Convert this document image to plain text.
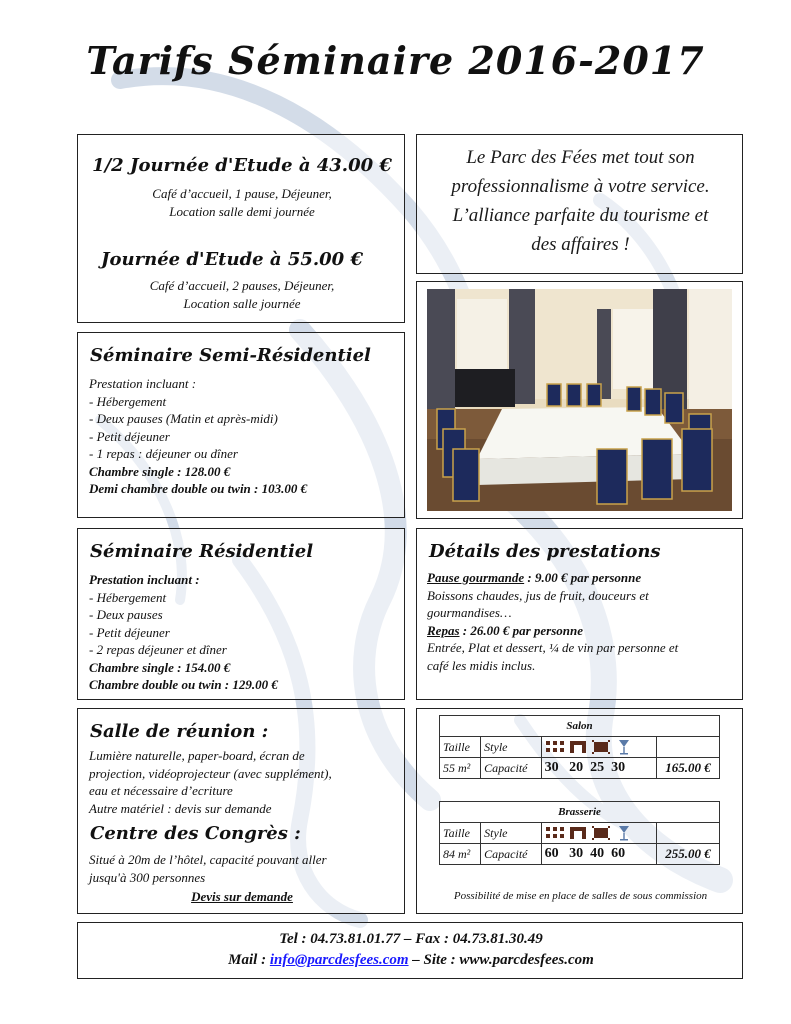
Tarifs Séminaire 2016-2017
1/2 Journée d'Etude à 43.00 €
Café d’accueil, 1 pause, Déjeuner,
Location salle demi journée
Journée d'Etude à 55.00 €
Café d’accueil, 2 pauses, Déjeuner,
Location salle journée
Le Parc des Fées met tout son
professionnalisme à votre service.
L’alliance parfaite du tourisme et
des affaires !
Séminaire Semi-Résidentiel
Prestation incluant :
- Hébergement
- Deux pauses (Matin et après-midi)
- Petit déjeuner
- 1 repas : déjeuner ou dîner
Chambre single : 128.00 €
Demi chambre double ou twin : 103.00 €
Séminaire Résidentiel
Prestation incluant :
- Hébergement
- Deux pauses
- Petit déjeuner
- 2 repas déjeuner et dîner
Chambre single : 154.00 €
Chambre double ou twin : 129.00 €
Détails des prestations
Pause gourmande : 9.00 € par personne
Boissons chaudes, jus de fruit, douceurs et
gourmandises…
Repas : 26.00 € par personne
Entrée, Plat et dessert, ¼ de vin par personne et
café les midis inclus.
Salle de réunion :
Lumière naturelle, paper-board, écran de
projection, vidéoprojecteur (avec supplément),
eau et nécessaire d’ecriture
Autre matériel : devis sur demande
Centre des Congrès :
Situé à 20m de l’hôtel, capacité pouvant aller
jusqu'à 300 personnes
Devis sur demande
Salon			
Taille	Style	

55 m²	Capacité	30 20 25 30	165.00 €
Brasserie			
Taille	Style	

84 m²	Capacité	60 30 40 60	255.00 €
Possibilité de mise en place de salles de sous commission
Tel : 04.73.81.01.77 – Fax : 04.73.81.30.49
Mail : info@parcdesfees.com – Site : www.parcdesfees.com
